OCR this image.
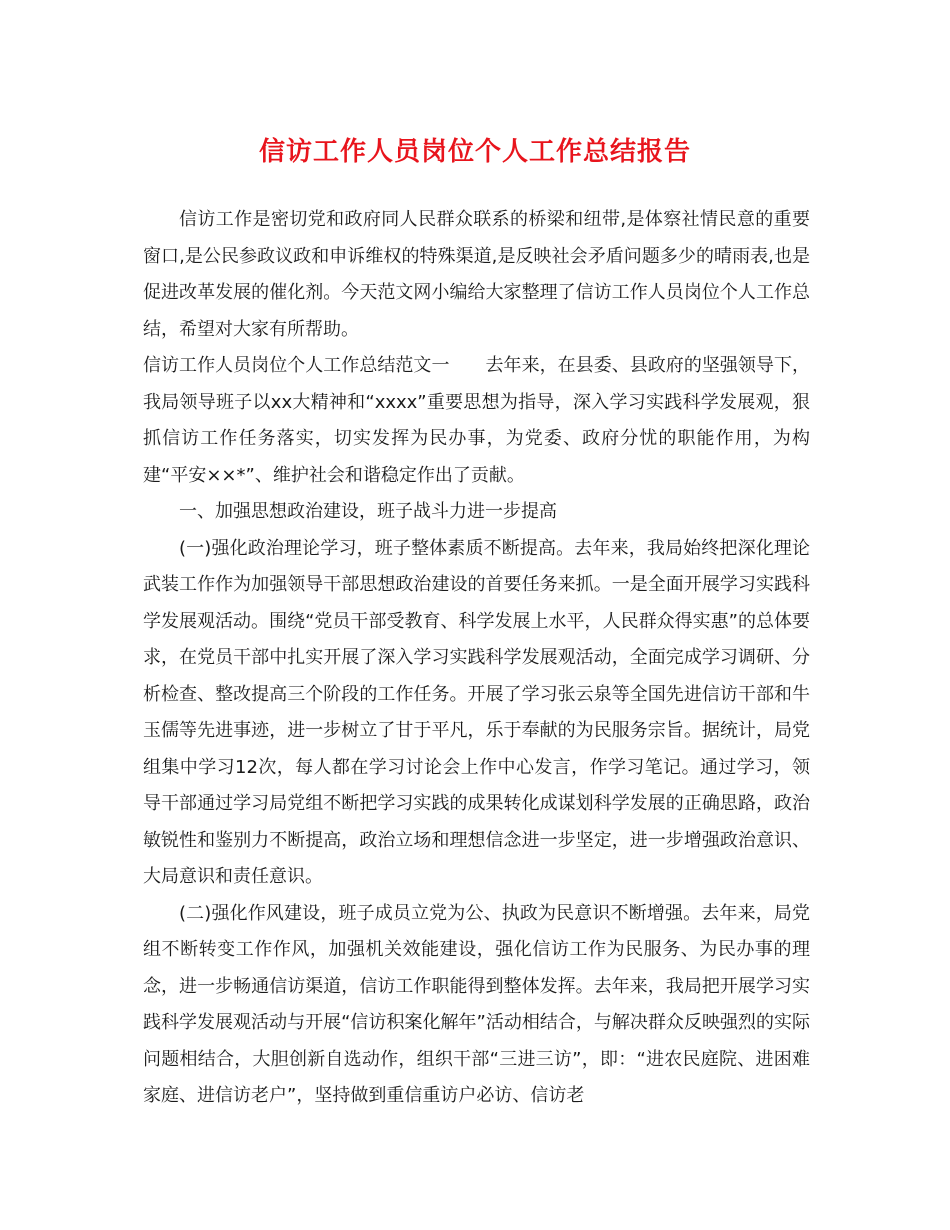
信访工作人员岗位个人工作总结报告

信访工作是密切党和政府同人民群众联系的桥梁和纽带,是体察社情民意的重要窗口,是公民参政议政和申诉维权的特殊渠道,是反映社会矛盾问题多少的晴雨表,也是促进改革发展的催化剂。今天范文网小编给大家整理了信访工作人员岗位个人工作总结，希望对大家有所帮助。

信访工作人员岗位个人工作总结范文一　　去年来，在县委、县政府的坚强领导下，我局领导班子以xx大精神和“xxxx”重要思想为指导，深入学习实践科学发展观，狠抓信访工作任务落实，切实发挥为民办事，为党委、政府分忧的职能作用，为构建“平安××*”、维护社会和谐稳定作出了贡献。

一、加强思想政治建设，班子战斗力进一步提高

(一)强化政治理论学习，班子整体素质不断提高。去年来，我局始终把深化理论武装工作作为加强领导干部思想政治建设的首要任务来抓。一是全面开展学习实践科学发展观活动。围绕“党员干部受教育、科学发展上水平，人民群众得实惠”的总体要求，在党员干部中扎实开展了深入学习实践科学发展观活动，全面完成学习调研、分析检查、整改提高三个阶段的工作任务。开展了学习张云泉等全国先进信访干部和牛玉儒等先进事迹，进一步树立了甘于平凡，乐于奉献的为民服务宗旨。据统计，局党组集中学习12次，每人都在学习讨论会上作中心发言，作学习笔记。通过学习，领导干部通过学习局党组不断把学习实践的成果转化成谋划科学发展的正确思路，政治敏锐性和鉴别力不断提高，政治立场和理想信念进一步坚定，进一步增强政治意识、大局意识和责任意识。

(二)强化作风建设，班子成员立党为公、执政为民意识不断增强。去年来，局党组不断转变工作作风，加强机关效能建设，强化信访工作为民服务、为民办事的理念，进一步畅通信访渠道，信访工作职能得到整体发挥。去年来，我局把开展学习实践科学发展观活动与开展“信访积案化解年”活动相结合，与解决群众反映强烈的实际问题相结合，大胆创新自选动作，组织干部“三进三访”，即：“进农民庭院、进困难家庭、进信访老户”，坚持做到重信重访户必访、信访老
